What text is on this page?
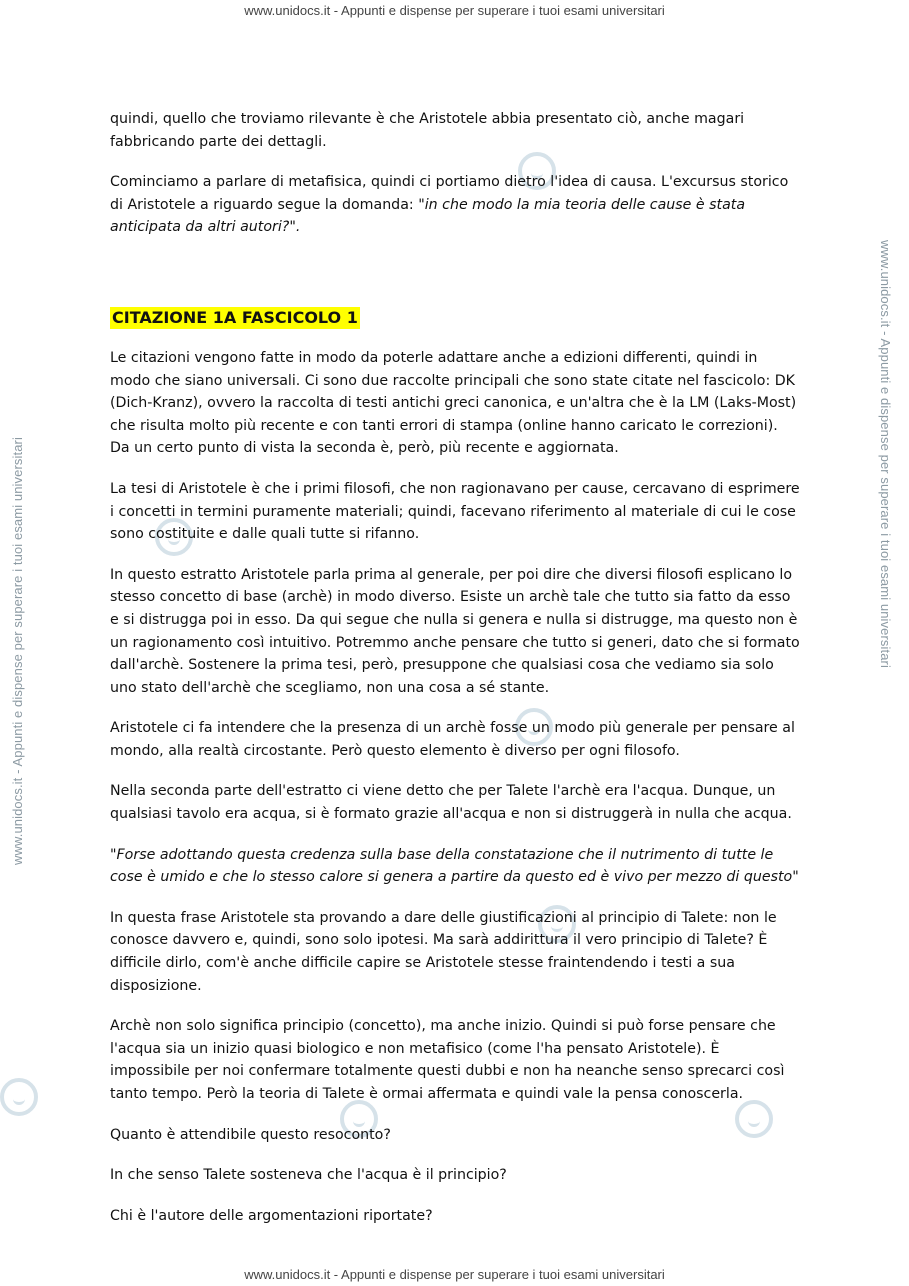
www.unidocs.it - Appunti e dispense per superare i tuoi esami universitari
www.unidocs.it - Appunti e dispense per superare i tuoi esami universitari	www.unidocs.it - Appunti e dispense per superare i tuoi esami universitari

quindi, quello che troviamo rilevante è che Aristotele abbia presentato ciò, anche magari fabbricando parte dei dettagli.

Cominciamo a parlare di metafisica, quindi ci portiamo dietro l'idea di causa. L'excursus storico di Aristotele a riguardo segue la domanda: "in che modo la mia teoria delle cause è stata anticipata da altri autori?".

CITAZIONE 1A FASCICOLO 1

Le citazioni vengono fatte in modo da poterle adattare anche a edizioni differenti, quindi in modo che siano universali. Ci sono due raccolte principali che sono state citate nel fascicolo: DK (Dich-Kranz), ovvero la raccolta di testi antichi greci canonica, e un'altra che è la LM (Laks-Most) che risulta molto più recente e con tanti errori di stampa (online hanno caricato le correzioni). Da un certo punto di vista la seconda è, però, più recente e aggiornata.

La tesi di Aristotele è che i primi filosofi, che non ragionavano per cause, cercavano di esprimere i concetti in termini puramente materiali; quindi, facevano riferimento al materiale di cui le cose sono costituite e dalle quali tutte si rifanno.

In questo estratto Aristotele parla prima al generale, per poi dire che diversi filosofi esplicano lo stesso concetto di base (archè) in modo diverso. Esiste un archè tale che tutto sia fatto da esso e si distrugga poi in esso. Da qui segue che nulla si genera e nulla si distrugge, ma questo non è un ragionamento così intuitivo. Potremmo anche pensare che tutto si generi, dato che si formato dall'archè. Sostenere la prima tesi, però, presuppone che qualsiasi cosa che vediamo sia solo uno stato dell'archè che scegliamo, non una cosa a sé stante.

Aristotele ci fa intendere che la presenza di un archè fosse un modo più generale per pensare al mondo, alla realtà circostante. Però questo elemento è diverso per ogni filosofo.

Nella seconda parte dell'estratto ci viene detto che per Talete l'archè era l'acqua. Dunque, un qualsiasi tavolo era acqua, si è formato grazie all'acqua e non si distruggerà in nulla che acqua.

"Forse adottando questa credenza sulla base della constatazione che il nutrimento di tutte le cose è umido e che lo stesso calore si genera a partire da questo ed è vivo per mezzo di questo"

In questa frase Aristotele sta provando a dare delle giustificazioni al principio di Talete: non le conosce davvero e, quindi, sono solo ipotesi. Ma sarà addirittura il vero principio di Talete? È difficile dirlo, com'è anche difficile capire se Aristotele stesse fraintendendo i testi a sua disposizione.

Archè non solo significa principio (concetto), ma anche inizio. Quindi si può forse pensare che l'acqua sia un inizio quasi biologico e non metafisico (come l'ha pensato Aristotele). È impossibile per noi confermare totalmente questi dubbi e non ha neanche senso sprecarci così tanto tempo. Però la teoria di Talete è ormai affermata e quindi vale la pensa conoscerla.

Quanto è attendibile questo resoconto?

In che senso Talete sosteneva che l'acqua è il principio?

Chi è l'autore delle argomentazioni riportate?

www.unidocs.it - Appunti e dispense per superare i tuoi esami universitari
